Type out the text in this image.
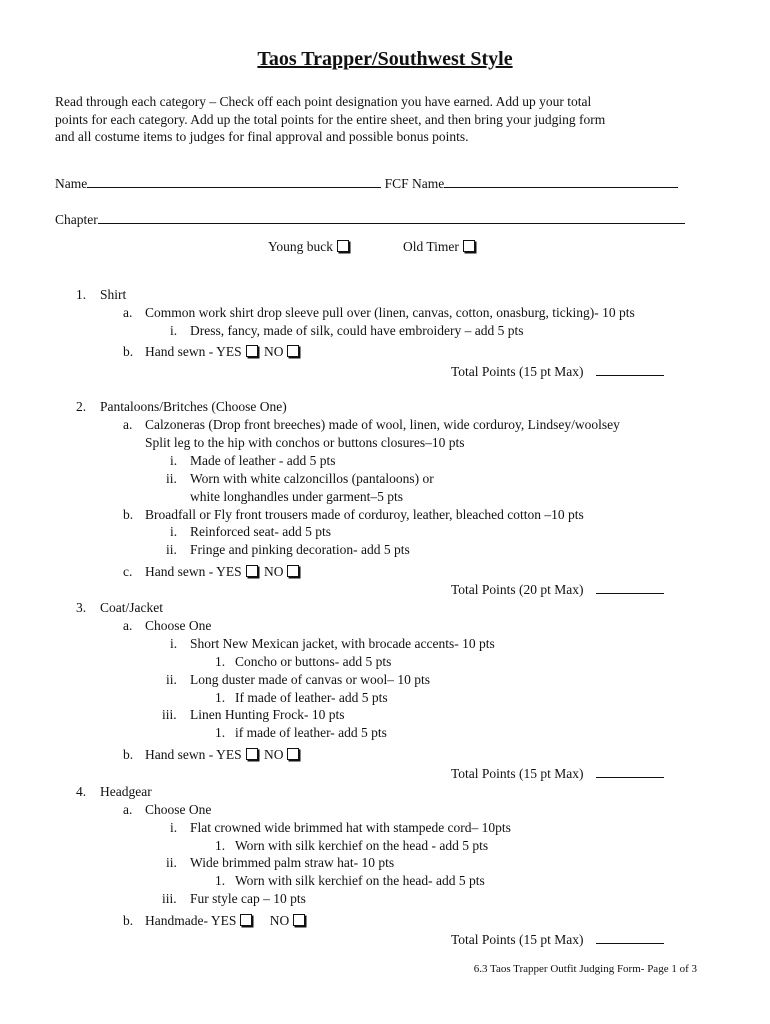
Taos Trapper/Southwest Style
Read through each category – Check off each point designation you have earned. Add up your total
points for each category. Add up the total points for the entire sheet, and then bring your judging form
and all costume items to judges for final approval and possible bonus points.
Name	FCF Name
Chapter
Young buck	Old Timer
1. Shirt
a. Common work shirt drop sleeve pull over (linen, canvas, cotton, onasburg, ticking)- 10 pts
i. Dress, fancy, made of silk, could have embroidery – add 5 pts
b. Hand sewn - YES NO
Total Points (15 pt Max)
2. Pantaloons/Britches (Choose One)
a. Calzoneras (Drop front breeches) made of wool, linen, wide corduroy, Lindsey/woolsey
Split leg to the hip with conchos or buttons closures–10 pts
i. Made of leather - add 5 pts
ii. Worn with white calzoncillos (pantaloons) or
white longhandles under garment–5 pts
b. Broadfall or Fly front trousers made of corduroy, leather, bleached cotton –10 pts
i. Reinforced seat- add 5 pts
ii. Fringe and pinking decoration- add 5 pts
c. Hand sewn - YES NO
Total Points (20 pt Max)
3. Coat/Jacket
a. Choose One
i. Short New Mexican jacket, with brocade accents- 10 pts
1. Concho or buttons- add 5 pts
ii. Long duster made of canvas or wool– 10 pts
1. If made of leather- add 5 pts
iii. Linen Hunting Frock- 10 pts
1. if made of leather- add 5 pts
b. Hand sewn - YES NO
Total Points (15 pt Max)
4. Headgear
a. Choose One
i. Flat crowned wide brimmed hat with stampede cord– 10pts
1. Worn with silk kerchief on the head - add 5 pts
ii. Wide brimmed palm straw hat- 10 pts
1. Worn with silk kerchief on the head- add 5 pts
iii. Fur style cap – 10 pts
b. Handmade- YES NO
Total Points (15 pt Max)
6.3 Taos Trapper Outfit Judging Form- Page 1 of 3
